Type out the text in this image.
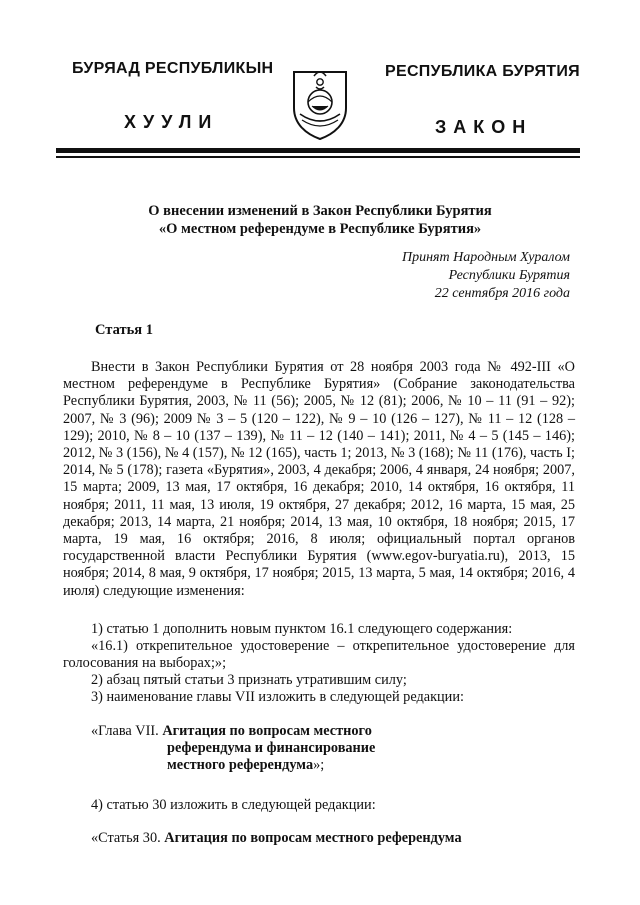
БУРЯАД РЕСПУБЛИКЫН
ХУУЛИ
РЕСПУБЛИКА БУРЯТИЯ
ЗАКОН
О внесении изменений в Закон Республики Бурятия
«О местном референдуме в Республике Бурятия»
Принят Народным Хуралом
Республики Бурятия
22 сентября 2016 года
Статья 1

Внести в Закон Республики Бурятия от 28 ноября 2003 года № 492-III «О местном референдуме в Республике Бурятия» (Собрание законодательства Республики Бурятия, 2003, № 11 (56); 2005, № 12 (81); 2006, № 10 – 11 (91 – 92); 2007, № 3 (96); 2009 № 3 – 5 (120 – 122), № 9 – 10 (126 – 127), № 11 – 12 (128 – 129); 2010, № 8 – 10 (137 – 139), № 11 – 12 (140 – 141); 2011, № 4 – 5 (145 – 146); 2012, № 3 (156), № 4 (157), № 12 (165), часть 1; 2013, № 3 (168); № 11 (176), часть I; 2014, № 5 (178); газета «Бурятия», 2003, 4 декабря; 2006, 4 января, 24 ноября; 2007, 15 марта; 2009, 13 мая, 17 октября, 16 декабря; 2010, 14 октября, 16 октября, 11 ноября; 2011, 11 мая, 13 июля, 19 октября, 27 декабря; 2012, 16 марта, 15 мая, 25 декабря; 2013, 14 марта, 21 ноября; 2014, 13 мая, 10 октября, 18 ноября; 2015, 17 марта, 19 мая, 16 октября; 2016, 8 июля; официальный портал органов государственной власти Республики Бурятия (www.egov-buryatia.ru), 2013, 15 ноября; 2014, 8 мая, 9 октября, 17 ноября; 2015, 13 марта, 5 мая, 14 октября; 2016, 4 июля) следующие изменения:

1) статью 1 дополнить новым пунктом 16.1 следующего содержания:

«16.1) открепительное удостоверение – открепительное удостоверение для голосования на выборах;»;

2) абзац пятый статьи 3 признать утратившим силу;

3) наименование главы VII изложить в следующей редакции:

«Глава VII. Агитация по вопросам местного
референдума и финансирование
местного референдума»;
4) статью 30 изложить в следующей редакции:
«Статья 30. Агитация по вопросам местного референдума
